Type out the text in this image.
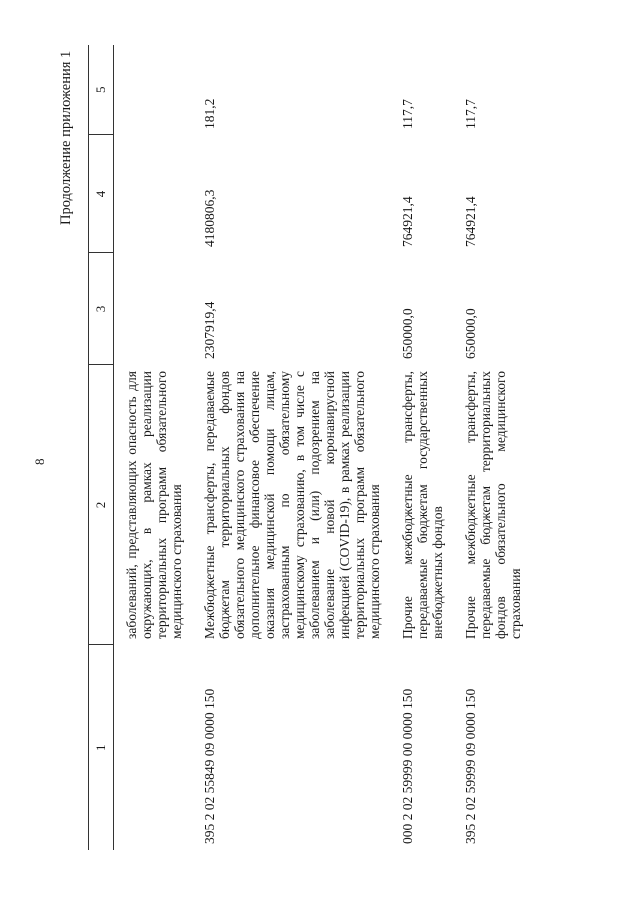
8
Продолжение приложения 1
1	2	3	4	5
	заболеваний, представляющих опасность для окружающих, в рамках реализации территориальных программ обязательного медицинского страхования			
395 2 02 55849 09 0000 150	Межбюджетные трансферты, передаваемые бюджетам территориальных фондов обязательного медицинского страхования на дополнительное финансовое обеспечение оказания медицинской помощи лицам, застрахованным по обязательному медицинскому страхованию, в том числе с заболеванием и (или) подозрением на заболевание новой коронавирусной инфекцией (COVID-19), в рамках реализации территориальных программ обязательного медицинского страхования	2307919,4	4180806,3	181,2
000 2 02 59999 00 0000 150	Прочие межбюджетные трансферты, передаваемые бюджетам государственных внебюджетных фондов	650000,0	764921,4	117,7
395 2 02 59999 09 0000 150	Прочие межбюджетные трансферты, передаваемые бюджетам территориальных фондов обязательного медицинского страхования	650000,0	764921,4	117,7
